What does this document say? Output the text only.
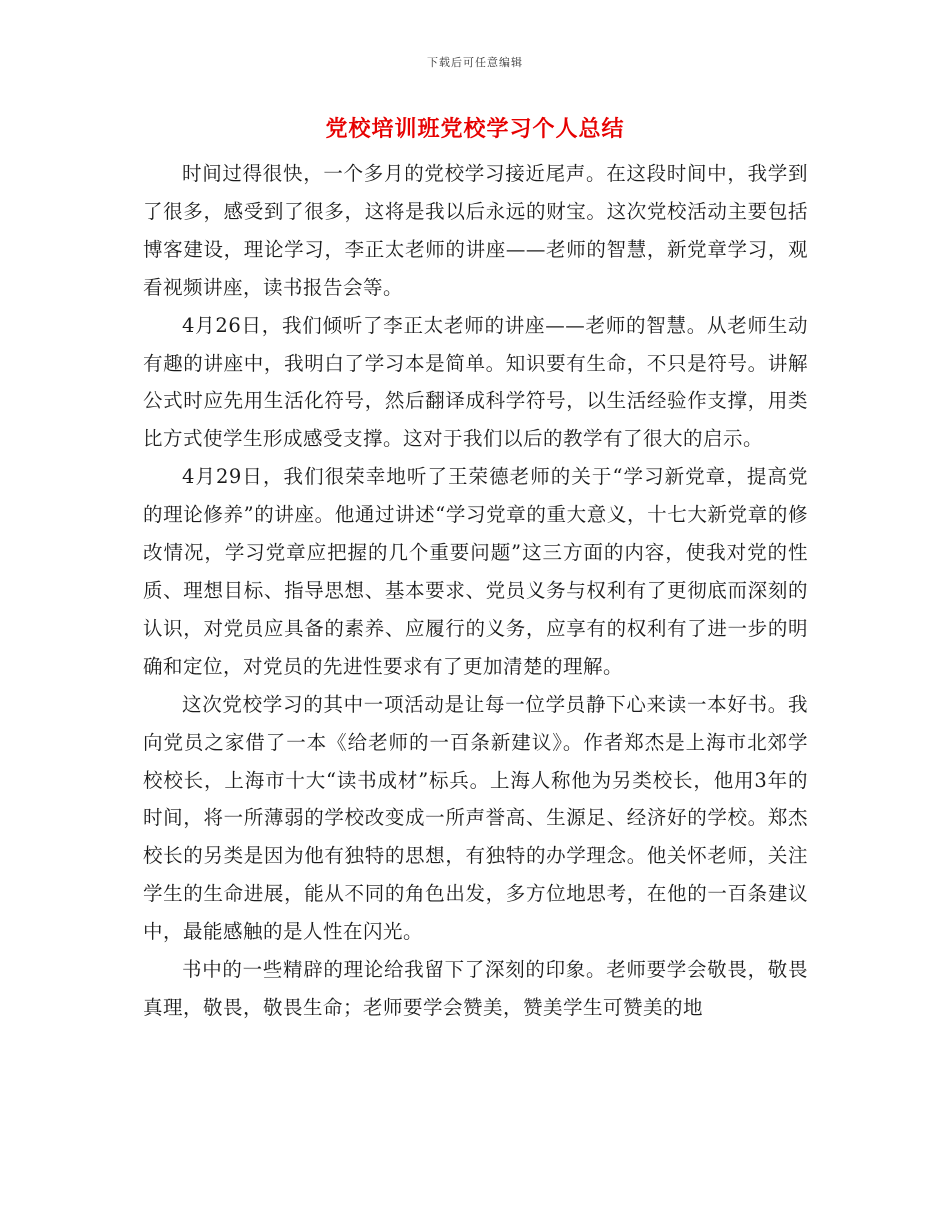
下载后可任意编辑
党校培训班党校学习个人总结

时间过得很快，一个多月的党校学习接近尾声。在这段时间中，我学到了很多，感受到了很多，这将是我以后永远的财宝。这次党校活动主要包括博客建设，理论学习，李正太老师的讲座——老师的智慧，新党章学习，观看视频讲座，读书报告会等。

4月26日，我们倾听了李正太老师的讲座——老师的智慧。从老师生动有趣的讲座中，我明白了学习本是简单。知识要有生命，不只是符号。讲解公式时应先用生活化符号，然后翻译成科学符号，以生活经验作支撑，用类比方式使学生形成感受支撑。这对于我们以后的教学有了很大的启示。

4月29日，我们很荣幸地听了王荣德老师的关于“学习新党章，提高党的理论修养”的讲座。他通过讲述“学习党章的重大意义，十七大新党章的修改情况，学习党章应把握的几个重要问题”这三方面的内容，使我对党的性质、理想目标、指导思想、基本要求、党员义务与权利有了更彻底而深刻的认识，对党员应具备的素养、应履行的义务，应享有的权利有了进一步的明确和定位，对党员的先进性要求有了更加清楚的理解。

这次党校学习的其中一项活动是让每一位学员静下心来读一本好书。我向党员之家借了一本《给老师的一百条新建议》。作者郑杰是上海市北郊学校校长，上海市十大“读书成材”标兵。上海人称他为另类校长，他用3年的时间，将一所薄弱的学校改变成一所声誉高、生源足、经济好的学校。郑杰校长的另类是因为他有独特的思想，有独特的办学理念。他关怀老师，关注学生的生命进展，能从不同的角色出发，多方位地思考，在他的一百条建议中，最能感触的是人性在闪光。

书中的一些精辟的理论给我留下了深刻的印象。老师要学会敬畏，敬畏真理，敬畏，敬畏生命；老师要学会赞美，赞美学生可赞美的地
